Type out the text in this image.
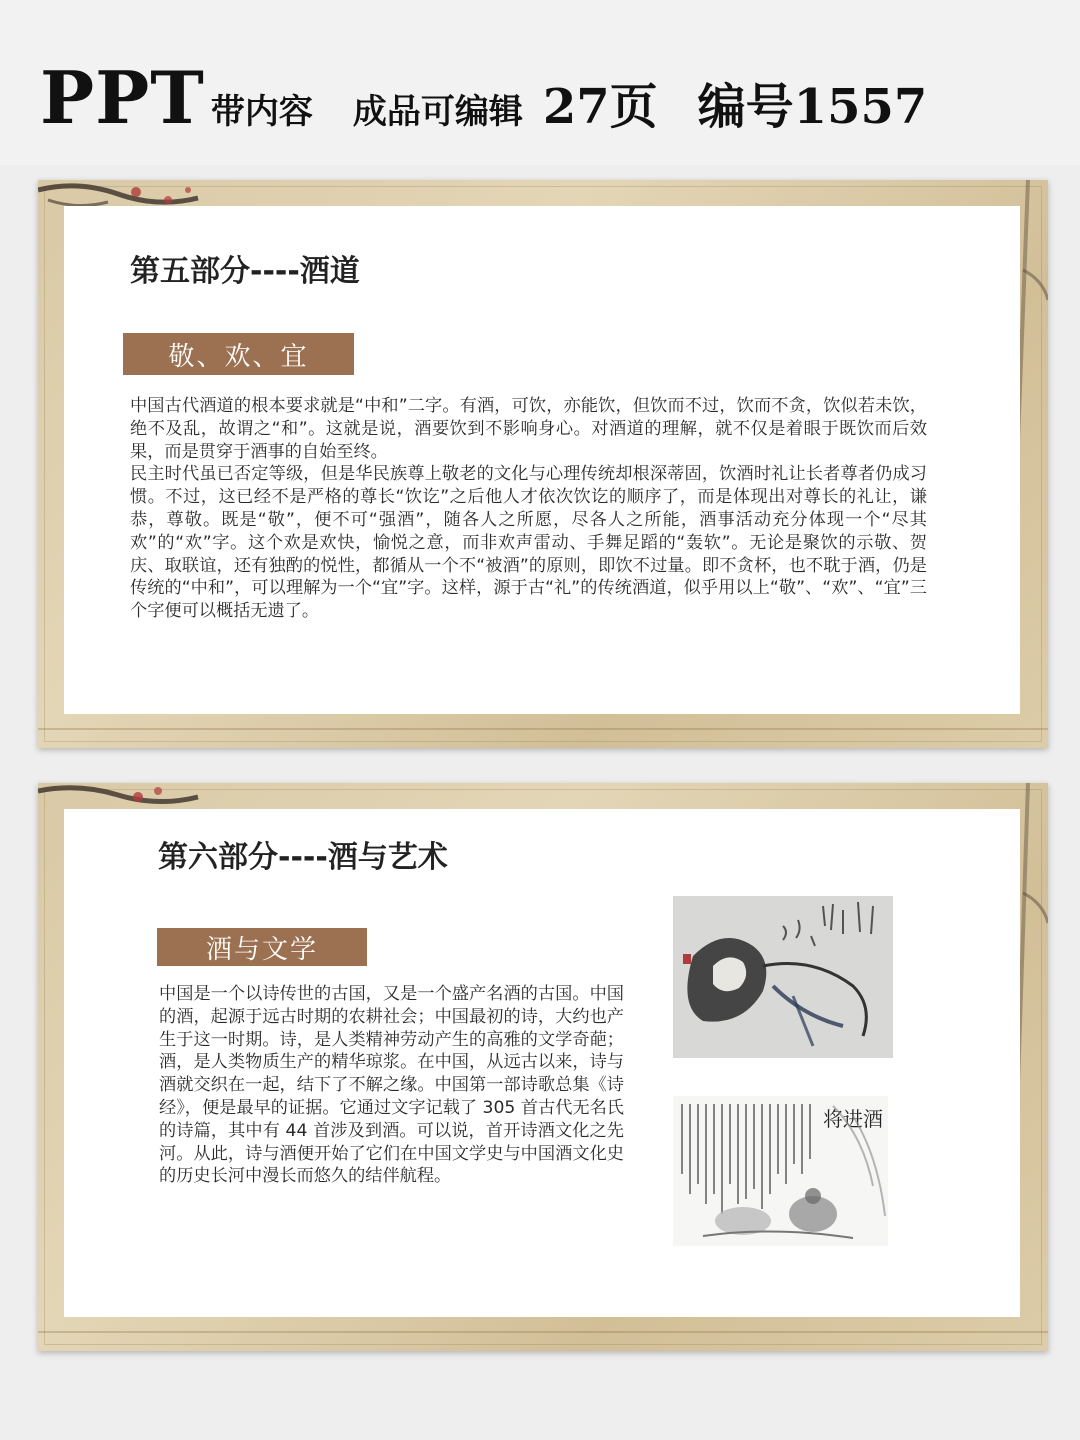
PPT 带内容 成品可编辑 27页 编号1557
第五部分----酒道
敬、欢、宜

中国古代酒道的根本要求就是“中和”二字。有酒，可饮，亦能饮，但饮而不过，饮而不贪，饮似若未饮，绝不及乱，故谓之“和”。这就是说，酒要饮到不影响身心。对酒道的理解，就不仅是着眼于既饮而后效果，而是贯穿于酒事的自始至终。

民主时代虽已否定等级，但是华民族尊上敬老的文化与心理传统却根深蒂固，饮酒时礼让长者尊者仍成习惯。不过，这已经不是严格的尊长“饮讫”之后他人才依次饮讫的顺序了，而是体现出对尊长的礼让，谦恭，尊敬。既是“敬”，便不可“强酒”，随各人之所愿，尽各人之所能，酒事活动充分体现一个“尽其欢”的“欢”字。这个欢是欢快，愉悦之意，而非欢声雷动、手舞足蹈的“轰软”。无论是聚饮的示敬、贺庆、取联谊，还有独酌的悦性，都循从一个不“被酒”的原则，即饮不过量。即不贪杯，也不耽于酒，仍是传统的“中和”，可以理解为一个“宜”字。这样，源于古“礼”的传统酒道，似乎用以上“敬”、“欢”、“宜”三个字便可以概括无遗了。

第六部分----酒与艺术
酒与文学
中国是一个以诗传世的古国，又是一个盛产名酒的古国。中国的酒，起源于远古时期的农耕社会；中国最初的诗，大约也产生于这一时期。诗，是人类精神劳动产生的高雅的文学奇葩；酒，是人类物质生产的精华琼浆。在中国，从远古以来，诗与酒就交织在一起，结下了不解之缘。中国第一部诗歌总集《诗经》，便是最早的证据。它通过文字记载了 305 首古代无名氏的诗篇，其中有 44 首涉及到酒。可以说，首开诗酒文化之先河。从此，诗与酒便开始了它们在中国文学史与中国酒文化史的历史长河中漫长而悠久的结伴航程。
将进酒
